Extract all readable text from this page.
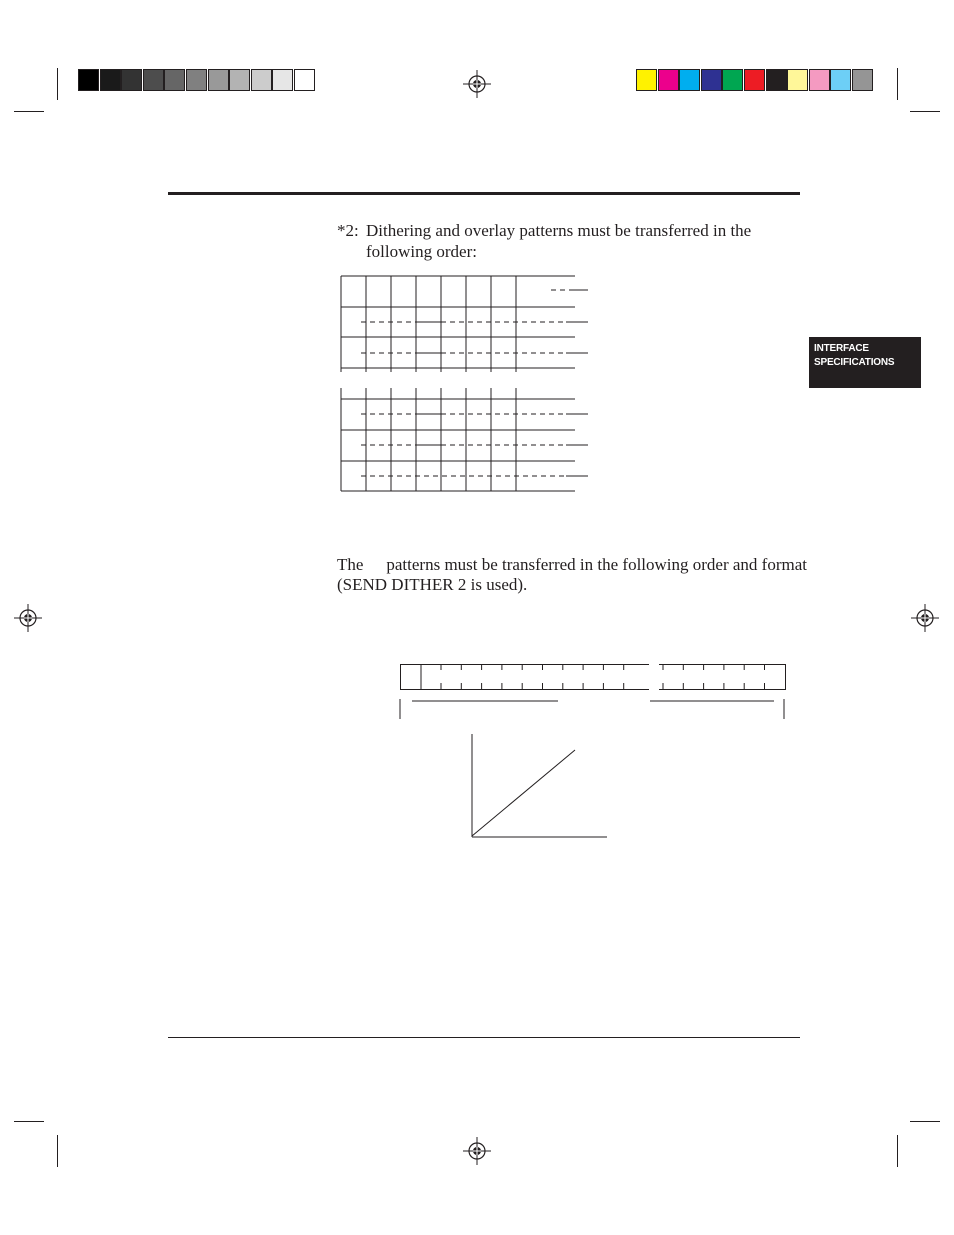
*2: Dithering and overlay patterns must be transferred in the following order:
The patterns must be transferred in the following order and format
(SEND DITHER 2 is used).
INTERFACE
SPECIFICATIONS
